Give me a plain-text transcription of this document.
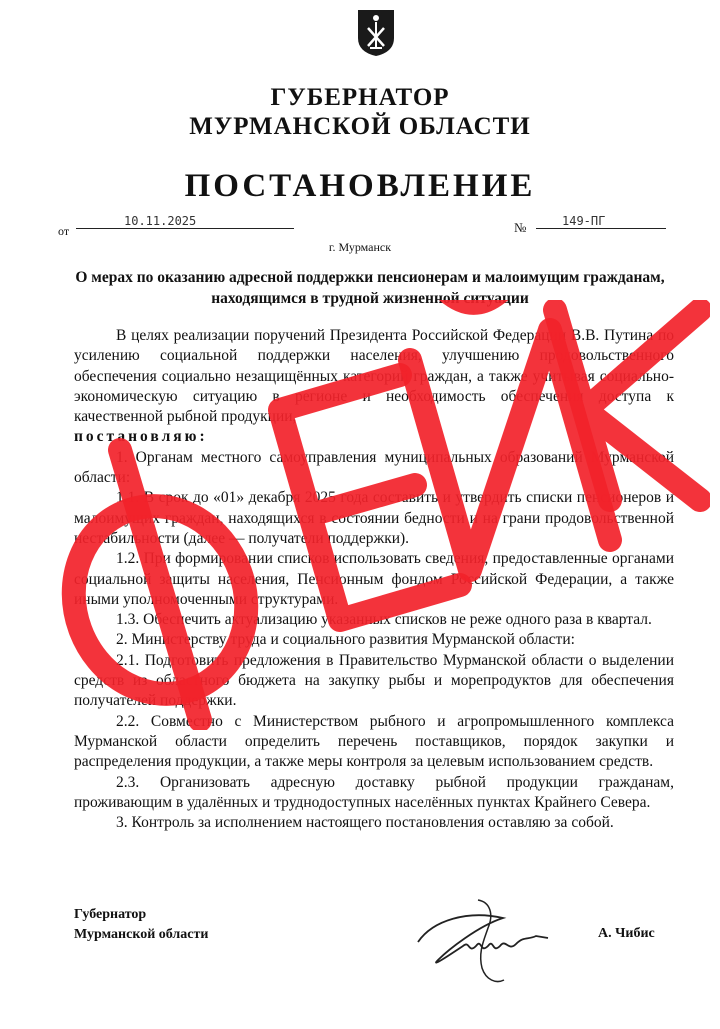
ГУБЕРНАТОР
МУРМАНСКОЙ ОБЛАСТИ
ПОСТАНОВЛЕНИЕ
от
10.11.2025	№	149-ПГ
г. Мурманск
О мерах по оказанию адресной поддержки пенсионерам и малоимущим гражданам, находящимся в трудной жизненной ситуации

В целях реализации поручений Президента Российской Федерации В.В. Путина по усилению социальной поддержки населения, улучшению продовольственного обеспечения социально незащищённых категорий граждан, а также учитывая социально-экономическую ситуацию в регионе и необходимость обеспечения доступа к качественной рыбной продукции,

постановляю:

1. Органам местного самоуправления муниципальных образований Мурманской области:

1.1. В срок до «01» декабря 2025 года составить и утвердить списки пенсионеров и малоимущих граждан, находящихся в состоянии бедности и на грани продовольственной нестабильности (далее — получатели поддержки).

1.2. При формировании списков использовать сведения, предоставленные органами социальной защиты населения, Пенсионным фондом Российской Федерации, а также иными уполномоченными структурами.

1.3. Обеспечить актуализацию указанных списков не реже одного раза в квартал.

2. Министерству труда и социального развития Мурманской области:

2.1. Подготовить предложения в Правительство Мурманской области о выделении средств из областного бюджета на закупку рыбы и морепродуктов для обеспечения получателей поддержки.

2.2. Совместно с Министерством рыбного и агропромышленного комплекса Мурманской области определить перечень поставщиков, порядок закупки и распределения продукции, а также меры контроля за целевым использованием средств.

2.3. Организовать адресную доставку рыбной продукции гражданам, проживающим в удалённых и труднодоступных населённых пунктах Крайнего Севера.

3. Контроль за исполнением настоящего постановления оставляю за собой.

Губернатор
Мурманской области	А. Чибис
ФЕЙК
